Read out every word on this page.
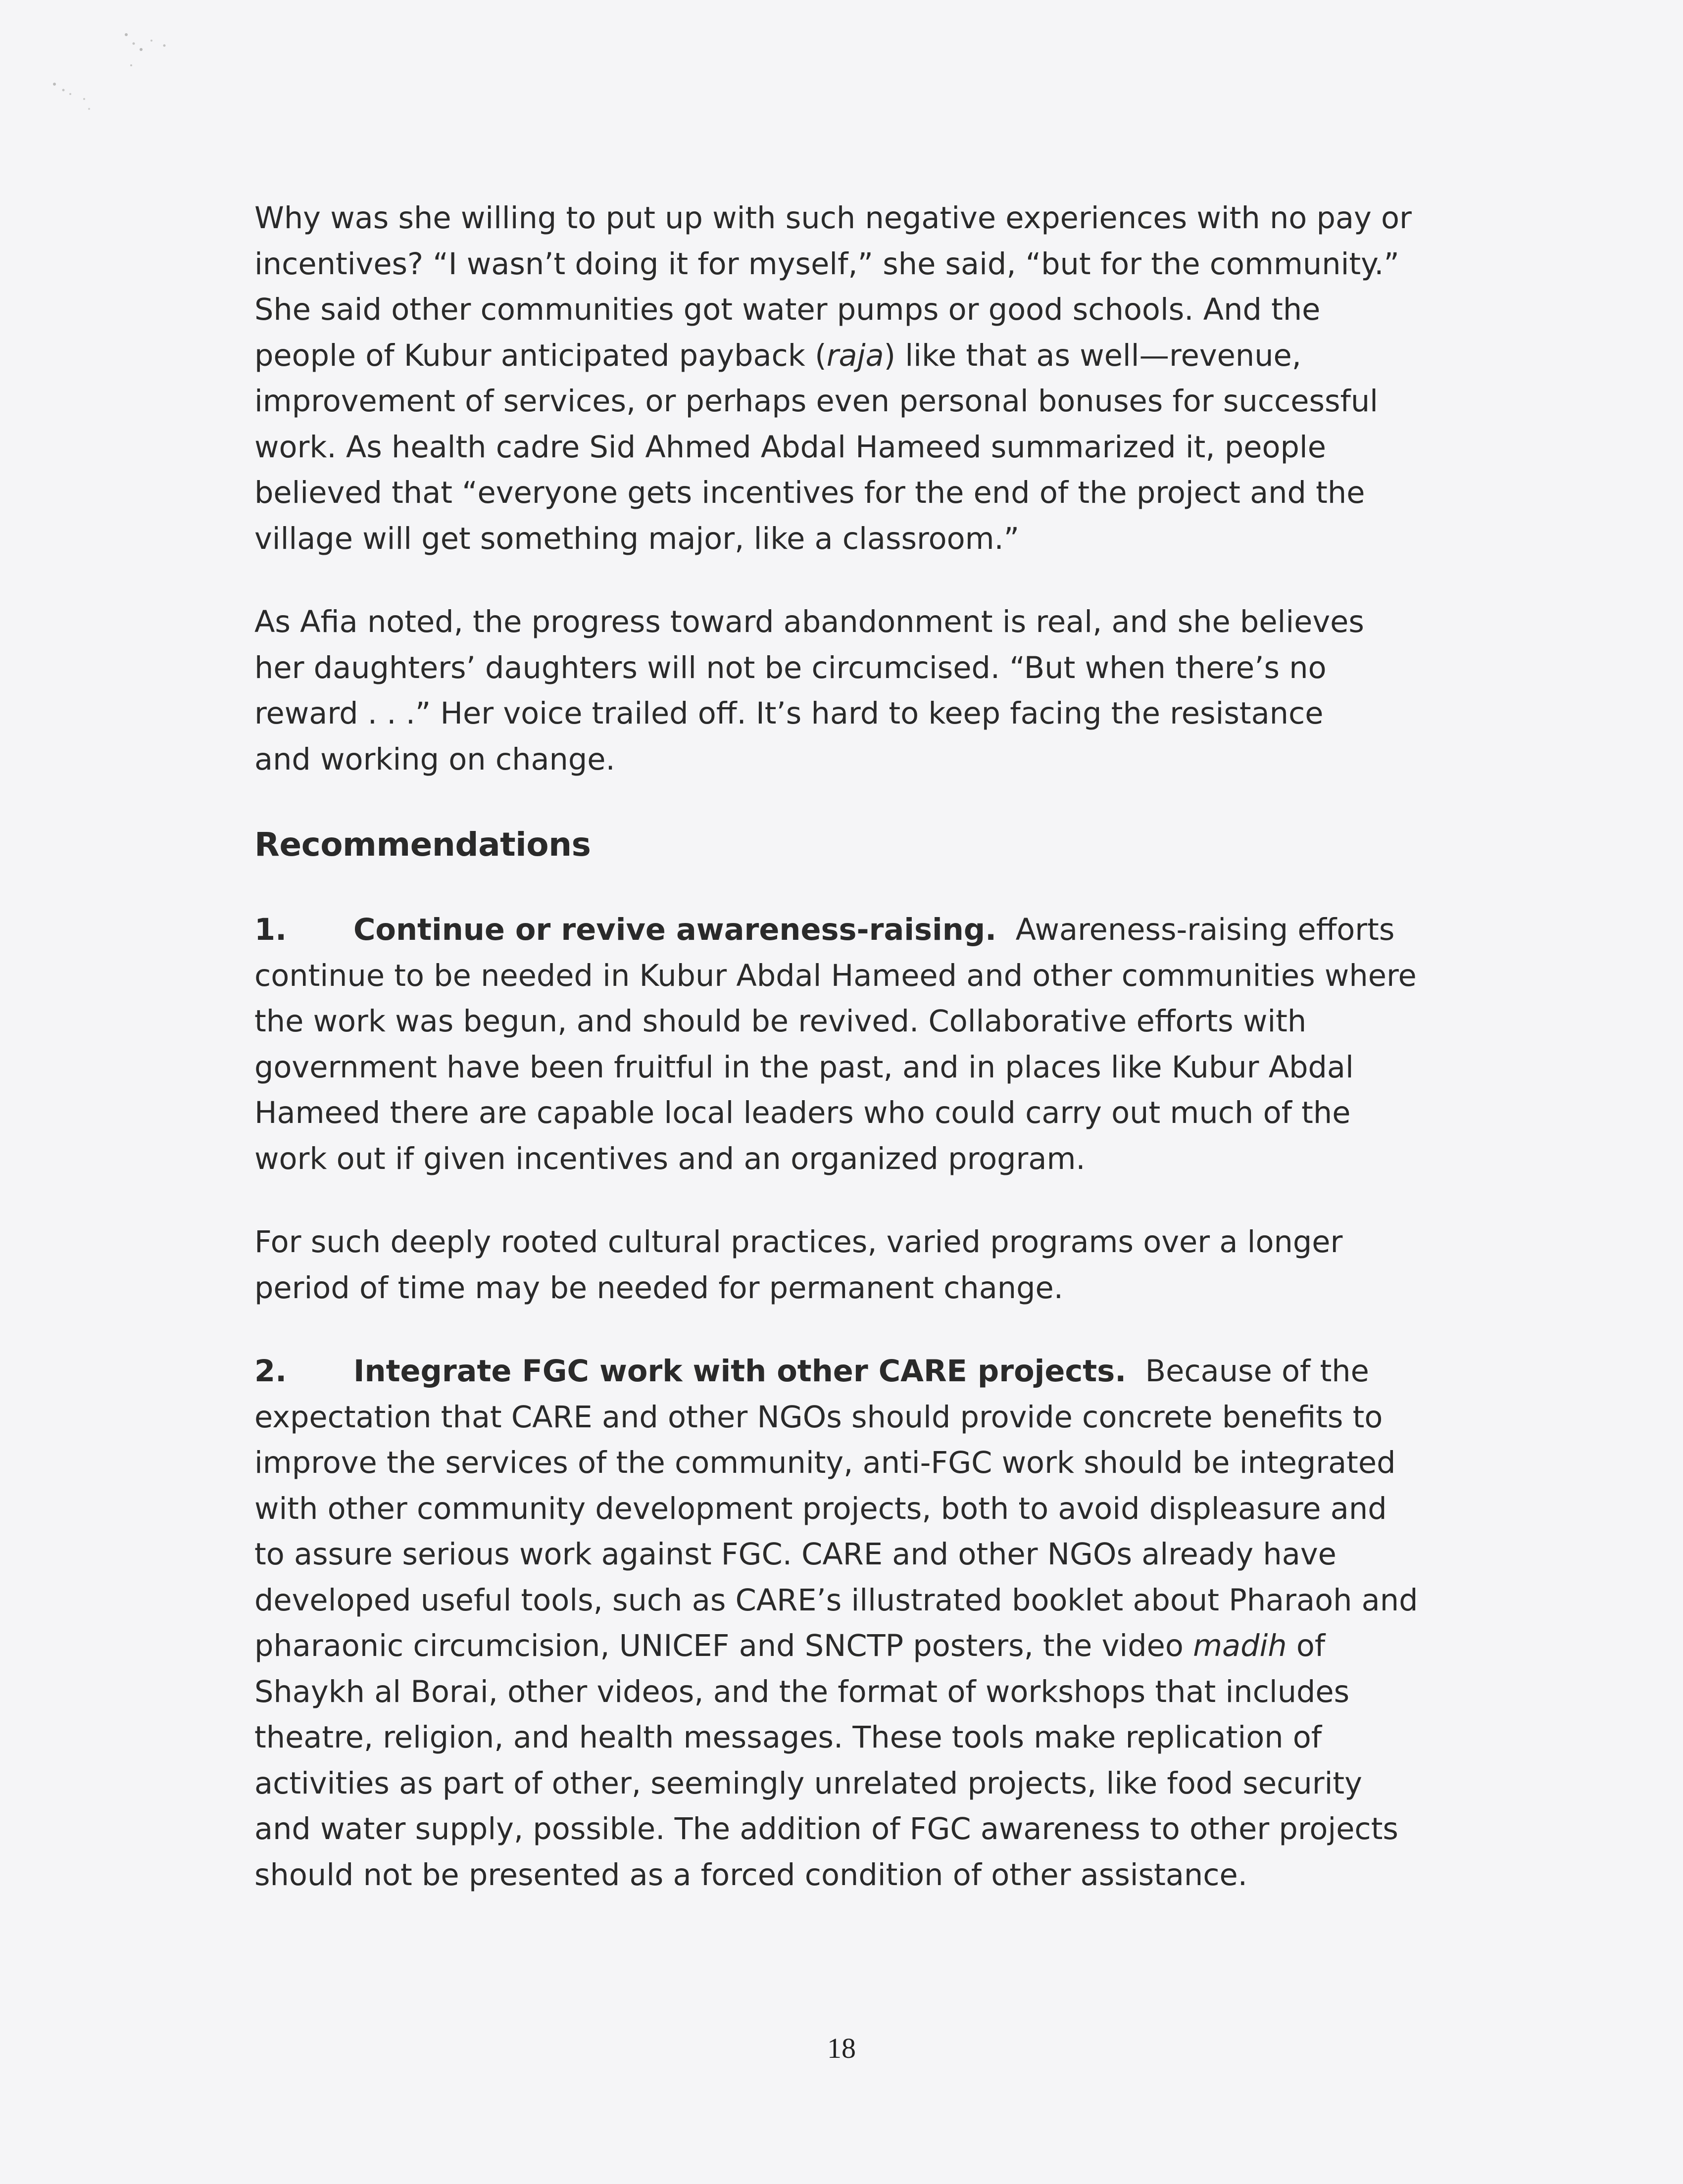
Why was she willing to put up with such negative experiences with no pay or
incentives? “I wasn’t doing it for myself,” she said, “but for the community.”
She said other communities got water pumps or good schools. And the
people of Kubur anticipated payback (raja) like that as well—revenue,
improvement of services, or perhaps even personal bonuses for successful
work. As health cadre Sid Ahmed Abdal Hameed summarized it, people
believed that “everyone gets incentives for the end of the project and the
village will get something major, like a classroom.”

As Afia noted, the progress toward abandonment is real, and she believes
her daughters’ daughters will not be circumcised. “But when there’s no
reward . . .” Her voice trailed off. It’s hard to keep facing the resistance
and working on change.

Recommendations

1. Continue or revive awareness-raising. Awareness-raising efforts
continue to be needed in Kubur Abdal Hameed and other communities where
the work was begun, and should be revived. Collaborative efforts with
government have been fruitful in the past, and in places like Kubur Abdal
Hameed there are capable local leaders who could carry out much of the
work out if given incentives and an organized program.

For such deeply rooted cultural practices, varied programs over a longer
period of time may be needed for permanent change.

2. Integrate FGC work with other CARE projects. Because of the
expectation that CARE and other NGOs should provide concrete benefits to
improve the services of the community, anti-FGC work should be integrated
with other community development projects, both to avoid displeasure and
to assure serious work against FGC. CARE and other NGOs already have
developed useful tools, such as CARE’s illustrated booklet about Pharaoh and
pharaonic circumcision, UNICEF and SNCTP posters, the video madih of
Shaykh al Borai, other videos, and the format of workshops that includes
theatre, religion, and health messages. These tools make replication of
activities as part of other, seemingly unrelated projects, like food security
and water supply, possible. The addition of FGC awareness to other projects
should not be presented as a forced condition of other assistance.

18
